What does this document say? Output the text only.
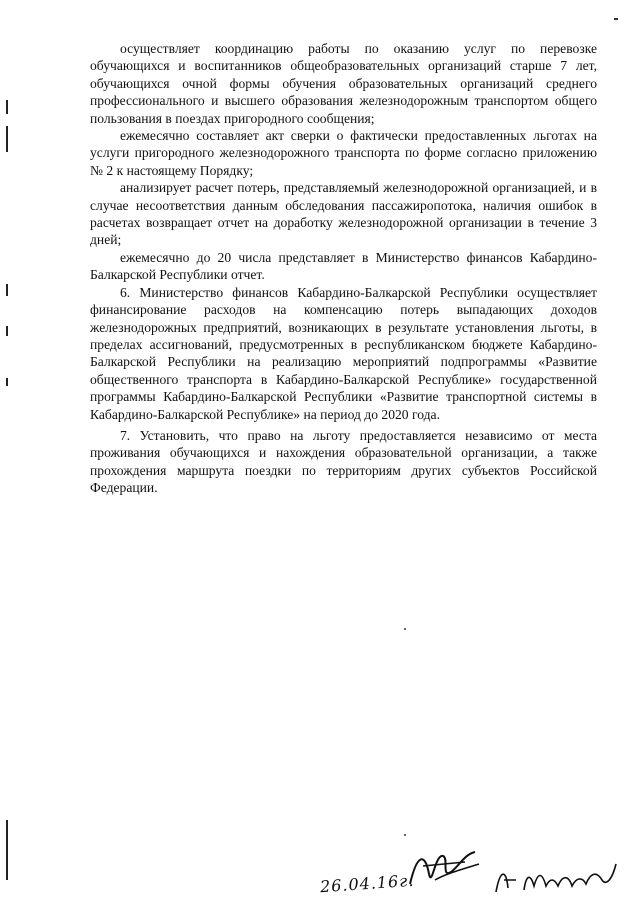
осуществляет координацию работы по оказанию услуг по перевозке обучающихся и воспитанников общеобразовательных организаций старше 7 лет, обучающихся очной формы обучения образовательных организаций среднего профессионального и высшего образования железнодорожным транспортом общего пользования в поездах пригородного сообщения;

ежемесячно составляет акт сверки о фактически предоставленных льготах на услуги пригородного железнодорожного транспорта по форме согласно приложению № 2 к настоящему Порядку;

анализирует расчет потерь, представляемый железнодорожной организацией, и в случае несоответствия данным обследования пассажиропотока, наличия ошибок в расчетах возвращает отчет на доработку железнодорожной организации в течение 3 дней;

ежемесячно до 20 числа представляет в Министерство финансов Кабардино-Балкарской Республики отчет.

6. Министерство финансов Кабардино-Балкарской Республики осуществляет финансирование расходов на компенсацию потерь выпадающих доходов железнодорожных предприятий, возникающих в результате установления льготы, в пределах ассигнований, предусмотренных в республиканском бюджете Кабардино-Балкарской Республики на реализацию мероприятий подпрограммы «Развитие общественного транспорта в Кабардино-Балкарской Республике» государственной программы Кабардино-Балкарской Республики «Развитие транспортной системы в Кабардино-Балкарской Республике» на период до 2020 года.

7. Установить, что право на льготу предоставляется независимо от места проживания обучающихся и нахождения образовательной организации, а также прохождения маршрута поездки по территориям других субъектов Российской Федерации.

26.04.16г.
